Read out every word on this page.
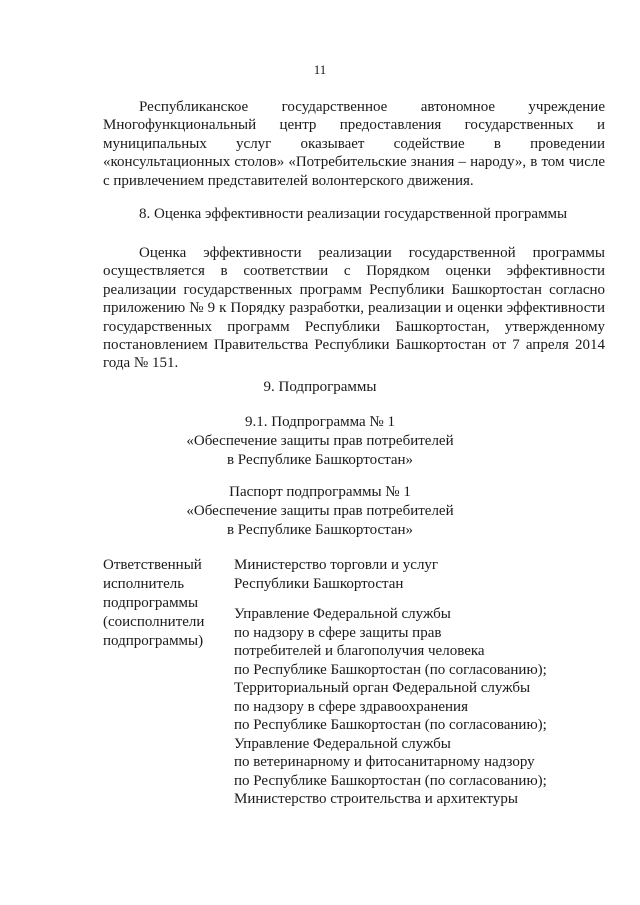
11
Республиканское государственное автономное учреждение Многофункциональный центр предоставления государственных и муниципальных услуг оказывает содействие в проведении «консультационных столов» «Потребительские знания – народу», в том числе с привлечением представителей волонтерского движения.
8. Оценка эффективности реализации государственной программы
Оценка эффективности реализации государственной программы осуществляется в соответствии с Порядком оценки эффективности реализации государственных программ Республики Башкортостан согласно приложению № 9 к Порядку разработки, реализации и оценки эффективности государственных программ Республики Башкортостан, утвержденному постановлением Правительства Республики Башкортостан от 7 апреля 2014 года № 151.
9. Подпрограммы
9.1. Подпрограмма № 1
«Обеспечение защиты прав потребителей
в Республике Башкортостан»
Паспорт подпрограммы № 1
«Обеспечение защиты прав потребителей
в Республике Башкортостан»
Ответственный
исполнитель
подпрограммы
(соисполнители
подпрограммы)
Министерство торговли и услуг
Республики Башкортостан
Управление Федеральной службы
по надзору в сфере защиты прав
потребителей и благополучия человека
по Республике Башкортостан (по согласованию);
Территориальный орган Федеральной службы
по надзору в сфере здравоохранения
по Республике Башкортостан (по согласованию);
Управление Федеральной службы
по ветеринарному и фитосанитарному надзору
по Республике Башкортостан (по согласованию);
Министерство строительства и архитектуры
